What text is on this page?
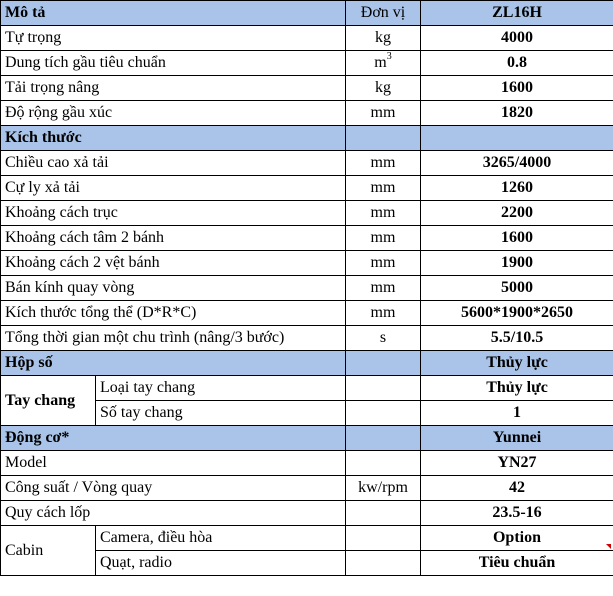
Mô tả		Đơn vị	ZL16H
Tự trọng		kg	4000
Dung tích gầu tiêu chuẩn		$m^3$	0.8
Tải trọng nâng		kg	1600
Độ rộng gầu xúc		mm	1820
Kích thước			
Chiều cao xả tải		mm	3265/4000
Cự ly xả tải		mm	1260
Khoảng cách trục		mm	2200
Khoảng cách tâm 2 bánh		mm	1600
Khoảng cách 2 vệt bánh		mm	1900
Bán kính quay vòng		mm	5000
Kích thước tổng thể (D*R*C)		mm	5600*1900*2650
Tổng thời gian một chu trình (nâng/3 bước)		s	5.5/10.5
Hộp số			Thủy lực
Tay chang	Loại tay chang		Thủy lực
	Số tay chang		1
Động cơ*			Yunnei
Model			YN27
Công suất / Vòng quay		kw/rpm	42
Quy cách lốp			23.5-16
Cabin	Camera, điều hòa		Option
	Quạt, radio		Tiêu chuẩn
